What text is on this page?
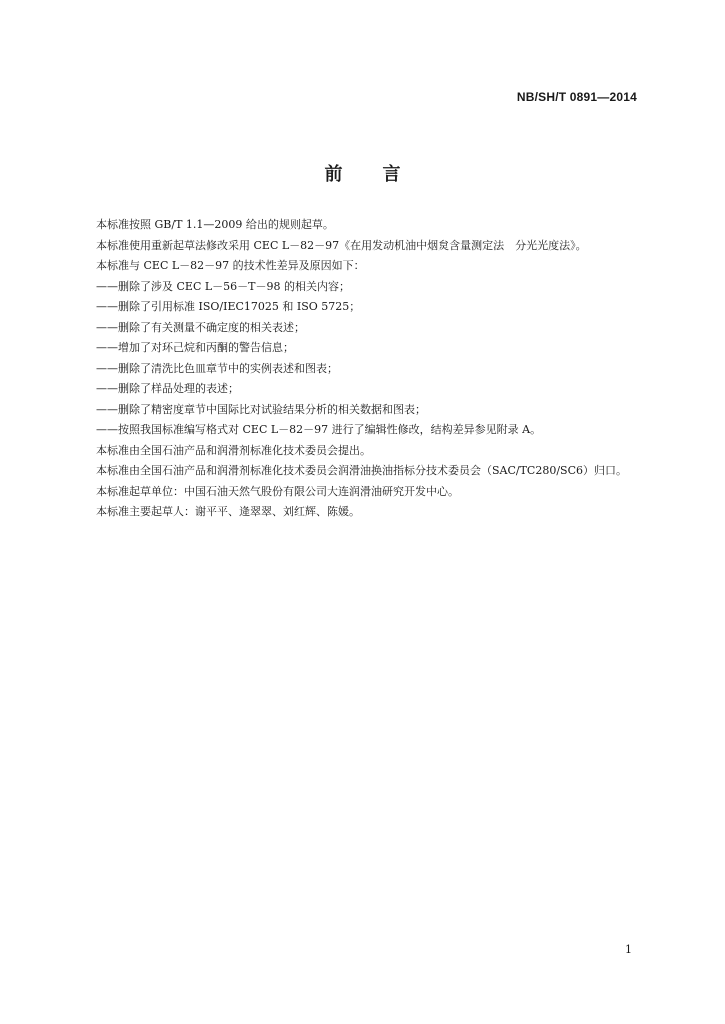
NB/SH/T 0891—2014
前言

本标准按照 GB/T 1.1—2009 给出的规则起草。

本标准使用重新起草法修改采用 CEC L－82－97《在用发动机油中烟炱含量测定法　分光光度法》。

本标准与 CEC L－82－97 的技术性差异及原因如下：

——删除了涉及 CEC L－56－T－98 的相关内容；

——删除了引用标准 ISO/IEC17025 和 ISO 5725；

——删除了有关测量不确定度的相关表述；

——增加了对环己烷和丙酮的警告信息；

——删除了清洗比色皿章节中的实例表述和图表；

——删除了样品处理的表述；

——删除了精密度章节中国际比对试验结果分析的相关数据和图表；

——按照我国标准编写格式对 CEC L－82－97 进行了编辑性修改，结构差异参见附录 A。

本标准由全国石油产品和润滑剂标准化技术委员会提出。

本标准由全国石油产品和润滑剂标准化技术委员会润滑油换油指标分技术委员会（SAC/TC280/SC6）归口。

本标准起草单位：中国石油天然气股份有限公司大连润滑油研究开发中心。

本标准主要起草人：谢平平、逄翠翠、刘红辉、陈媛。

1
